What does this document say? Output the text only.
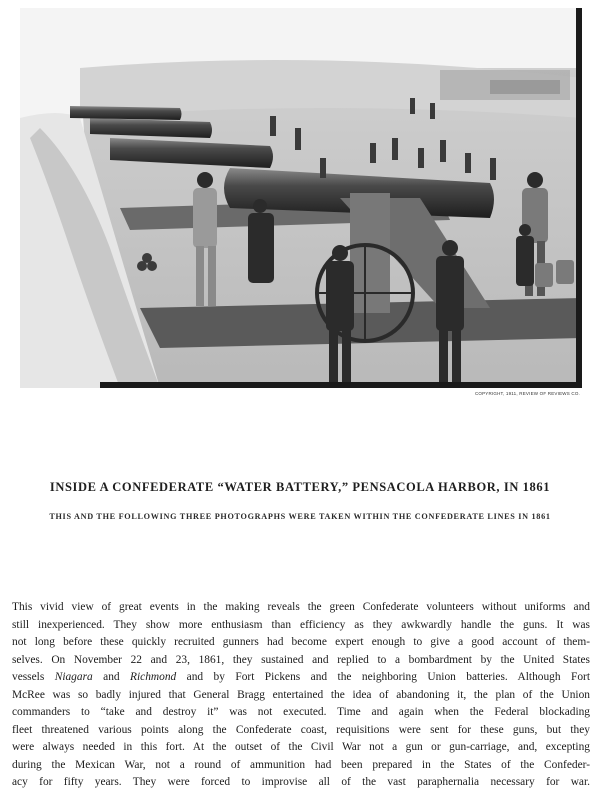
COPYRIGHT, 1911, REVIEW OF REVIEWS CO.
INSIDE A CONFEDERATE “WATER BATTERY,” PENSACOLA HARBOR, IN 1861
THIS AND THE FOLLOWING THREE PHOTOGRAPHS WERE TAKEN WITHIN THE CONFEDERATE LINES IN 1861
This vivid view of great events in the making reveals the green Confederate volunteers without uniforms and
still inexperienced. They show more enthusiasm than efficiency as they awkwardly handle the guns. It was
not long before these quickly recruited gunners had become expert enough to give a good account of them-
selves. On November 22 and 23, 1861, they sustained and replied to a bombardment by the United States
vessels Niagara and Richmond and by Fort Pickens and the neighboring Union batteries. Although Fort
McRee was so badly injured that General Bragg entertained the idea of abandoning it, the plan of the Union
commanders to “take and destroy it” was not executed. Time and again when the Federal blockading
fleet threatened various points along the Confederate coast, requisitions were sent for these guns, but they
were always needed in this fort. At the outset of the Civil War not a gun or gun-carriage, and, excepting
during the Mexican War, not a round of ammunition had been prepared in the States of the Confeder-
acy for fifty years. They were forced to improvise all of the vast paraphernalia necessary for war.
